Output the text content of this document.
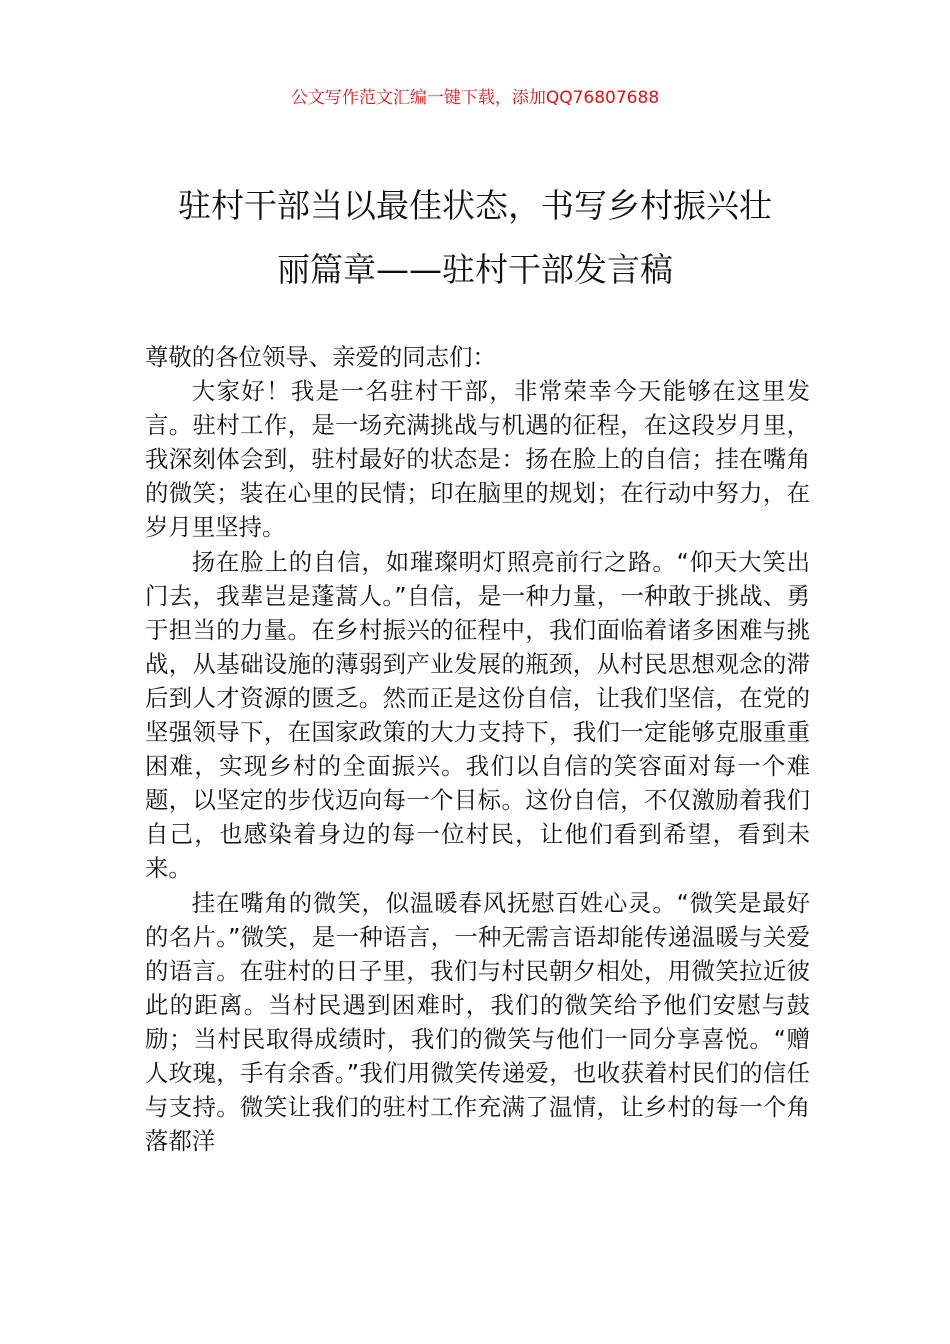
公文写作范文汇编一键下载，添加QQ76807688
驻村干部当以最佳状态，书写乡村振兴壮
丽篇章——驻村干部发言稿

尊敬的各位领导、亲爱的同志们：

大家好！我是一名驻村干部，非常荣幸今天能够在这里发言。驻村工作，是一场充满挑战与机遇的征程，在这段岁月里，我深刻体会到，驻村最好的状态是：扬在脸上的自信；挂在嘴角的微笑；装在心里的民情；印在脑里的规划；在行动中努力，在岁月里坚持。

扬在脸上的自信，如璀璨明灯照亮前行之路。“仰天大笑出门去，我辈岂是蓬蒿人。”自信，是一种力量，一种敢于挑战、勇于担当的力量。在乡村振兴的征程中，我们面临着诸多困难与挑战，从基础设施的薄弱到产业发展的瓶颈，从村民思想观念的滞后到人才资源的匮乏。然而正是这份自信，让我们坚信，在党的坚强领导下，在国家政策的大力支持下，我们一定能够克服重重困难，实现乡村的全面振兴。我们以自信的笑容面对每一个难题，以坚定的步伐迈向每一个目标。这份自信，不仅激励着我们自己，也感染着身边的每一位村民，让他们看到希望，看到未来。

挂在嘴角的微笑，似温暖春风抚慰百姓心灵。“微笑是最好的名片。”微笑，是一种语言，一种无需言语却能传递温暖与关爱的语言。在驻村的日子里，我们与村民朝夕相处，用微笑拉近彼此的距离。当村民遇到困难时，我们的微笑给予他们安慰与鼓励；当村民取得成绩时，我们的微笑与他们一同分享喜悦。“赠人玫瑰，手有余香。”我们用微笑传递爱，也收获着村民们的信任与支持。微笑让我们的驻村工作充满了温情，让乡村的每一个角落都洋
